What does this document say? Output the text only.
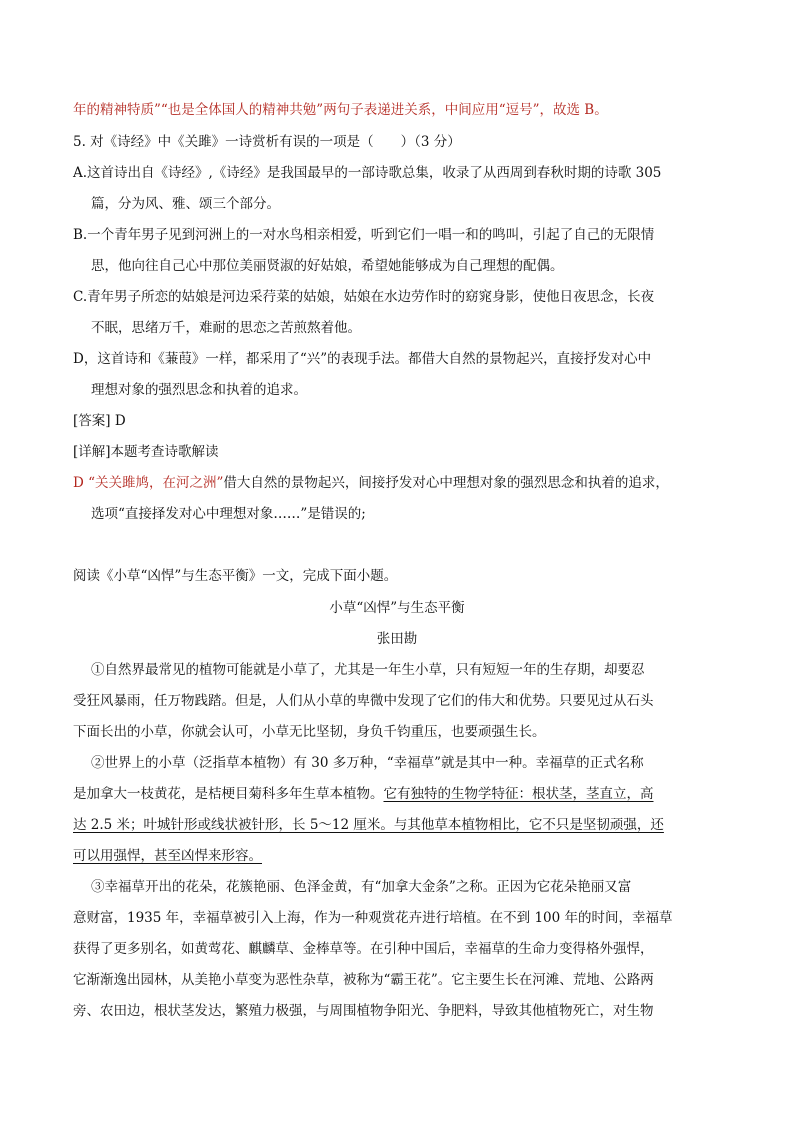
年的精神特质”“也是全体国人的精神共勉”两句子表递进关系，中间应用“逗号”，故选 B。
5. 对《诗经》中《关雎》一诗赏析有误的一项是（　　）（3 分）
A.这首诗出自《诗经》,《诗经》是我国最早的一部诗歌总集，收录了从西周到春秋时期的诗歌 305
篇，分为风、雅、颂三个部分。
B.一个青年男子见到河洲上的一对水鸟相亲相爱，听到它们一唱一和的鸣叫，引起了自己的无限情
思，他向往自己心中那位美丽贤淑的好姑娘，希望她能够成为自己理想的配偶。
C.青年男子所恋的姑娘是河边采荇菜的姑娘，姑娘在水边劳作时的窈窕身影，使他日夜思念，长夜
不眠，思绪万千，难耐的思恋之苦煎熬着他。
D，这首诗和《蒹葭》一样，都采用了“兴”的表现手法。都借大自然的景物起兴，直接抒发对心中
理想对象的强烈思念和执着的追求。
[答案] D
[详解]本题考查诗歌解读
D “关关雎鸠，在河之洲”借大自然的景物起兴，间接抒发对心中理想对象的强烈思念和执着的追求，
选项“直接择发对心中理想对象……”是错误的;
阅读《小草“凶悍”与生态平衡》一文，完成下面小题。
小草“凶悍”与生态平衡
张田勘
①自然界最常见的植物可能就是小草了，尤其是一年生小草，只有短短一年的生存期，却要忍
受狂风暴雨，任万物践踏。但是，人们从小草的卑微中发现了它们的伟大和优势。只要见过从石头
下面长出的小草，你就会认可，小草无比坚韧，身负千钧重压，也要顽强生长。
②世界上的小草（泛指草本植物）有 30 多万种，“幸福草”就是其中一种。幸福草的正式名称
是加拿大一枝黄花，是桔梗目菊科多年生草本植物。它有独特的生物学特征：根状茎，茎直立，高
达 2.5 米；叶城针形或线状被针形，长 5～12 厘米。与其他草本植物相比，它不只是坚韧顽强，还
可以用强悍，甚至凶悍来形容。
③幸福草开出的花朵，花簇艳丽、色泽金黄，有“加拿大金条”之称。正因为它花朵艳丽又富
意财富，1935 年，幸福草被引入上海，作为一种观赏花卉进行培植。在不到 100 年的时间，幸福草
获得了更多别名，如黄莺花、麒麟草、金棒草等。在引种中国后，幸福草的生命力变得格外强悍，
它渐渐逸出园林，从美艳小草变为恶性杂草，被称为“霸王花”。它主要生长在河滩、荒地、公路两
旁、农田边，根状茎发达，繁殖力极强，与周围植物争阳光、争肥料，导致其他植物死亡，对生物
